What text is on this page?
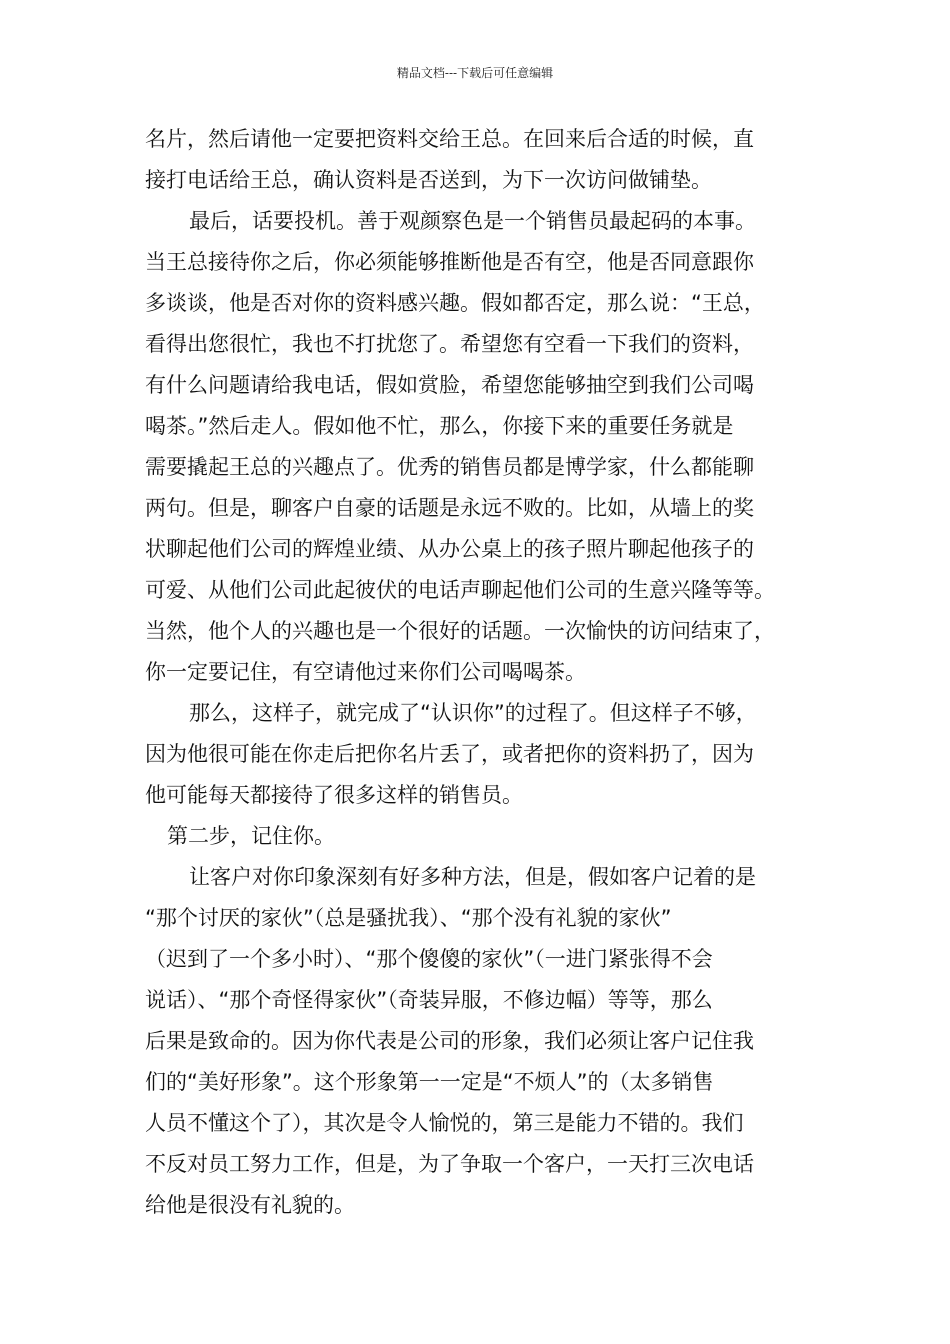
精品文档---下载后可任意编辑
名片，然后请他一定要把资料交给王总。在回来后合适的时候，直
接打电话给王总，确认资料是否送到，为下一次访问做铺垫。
最后，话要投机。善于观颜察色是一个销售员最起码的本事。
当王总接待你之后，你必须能够推断他是否有空，他是否同意跟你
多谈谈，他是否对你的资料感兴趣。假如都否定，那么说：“王总，
看得出您很忙，我也不打扰您了。希望您有空看一下我们的资料，
有什么问题请给我电话，假如赏脸，希望您能够抽空到我们公司喝
喝茶。”然后走人。假如他不忙，那么，你接下来的重要任务就是
需要撬起王总的兴趣点了。优秀的销售员都是博学家，什么都能聊
两句。但是，聊客户自豪的话题是永远不败的。比如，从墙上的奖
状聊起他们公司的辉煌业绩、从办公桌上的孩子照片聊起他孩子的
可爱、从他们公司此起彼伏的电话声聊起他们公司的生意兴隆等等。
当然，他个人的兴趣也是一个很好的话题。一次愉快的访问结束了，
你一定要记住，有空请他过来你们公司喝喝茶。
那么，这样子，就完成了“认识你”的过程了。但这样子不够，
因为他很可能在你走后把你名片丢了，或者把你的资料扔了，因为
他可能每天都接待了很多这样的销售员。
第二步，记住你。
让客户对你印象深刻有好多种方法，但是，假如客户记着的是
“那个讨厌的家伙”（总是骚扰我）、“那个没有礼貌的家伙”
（迟到了一个多小时）、“那个傻傻的家伙”（一进门紧张得不会
说话）、“那个奇怪得家伙”（奇装异服，不修边幅）等等，那么
后果是致命的。因为你代表是公司的形象，我们必须让客户记住我
们的“美好形象”。这个形象第一一定是“不烦人”的（太多销售
人员不懂这个了），其次是令人愉悦的，第三是能力不错的。我们
不反对员工努力工作，但是，为了争取一个客户，一天打三次电话
给他是很没有礼貌的。
